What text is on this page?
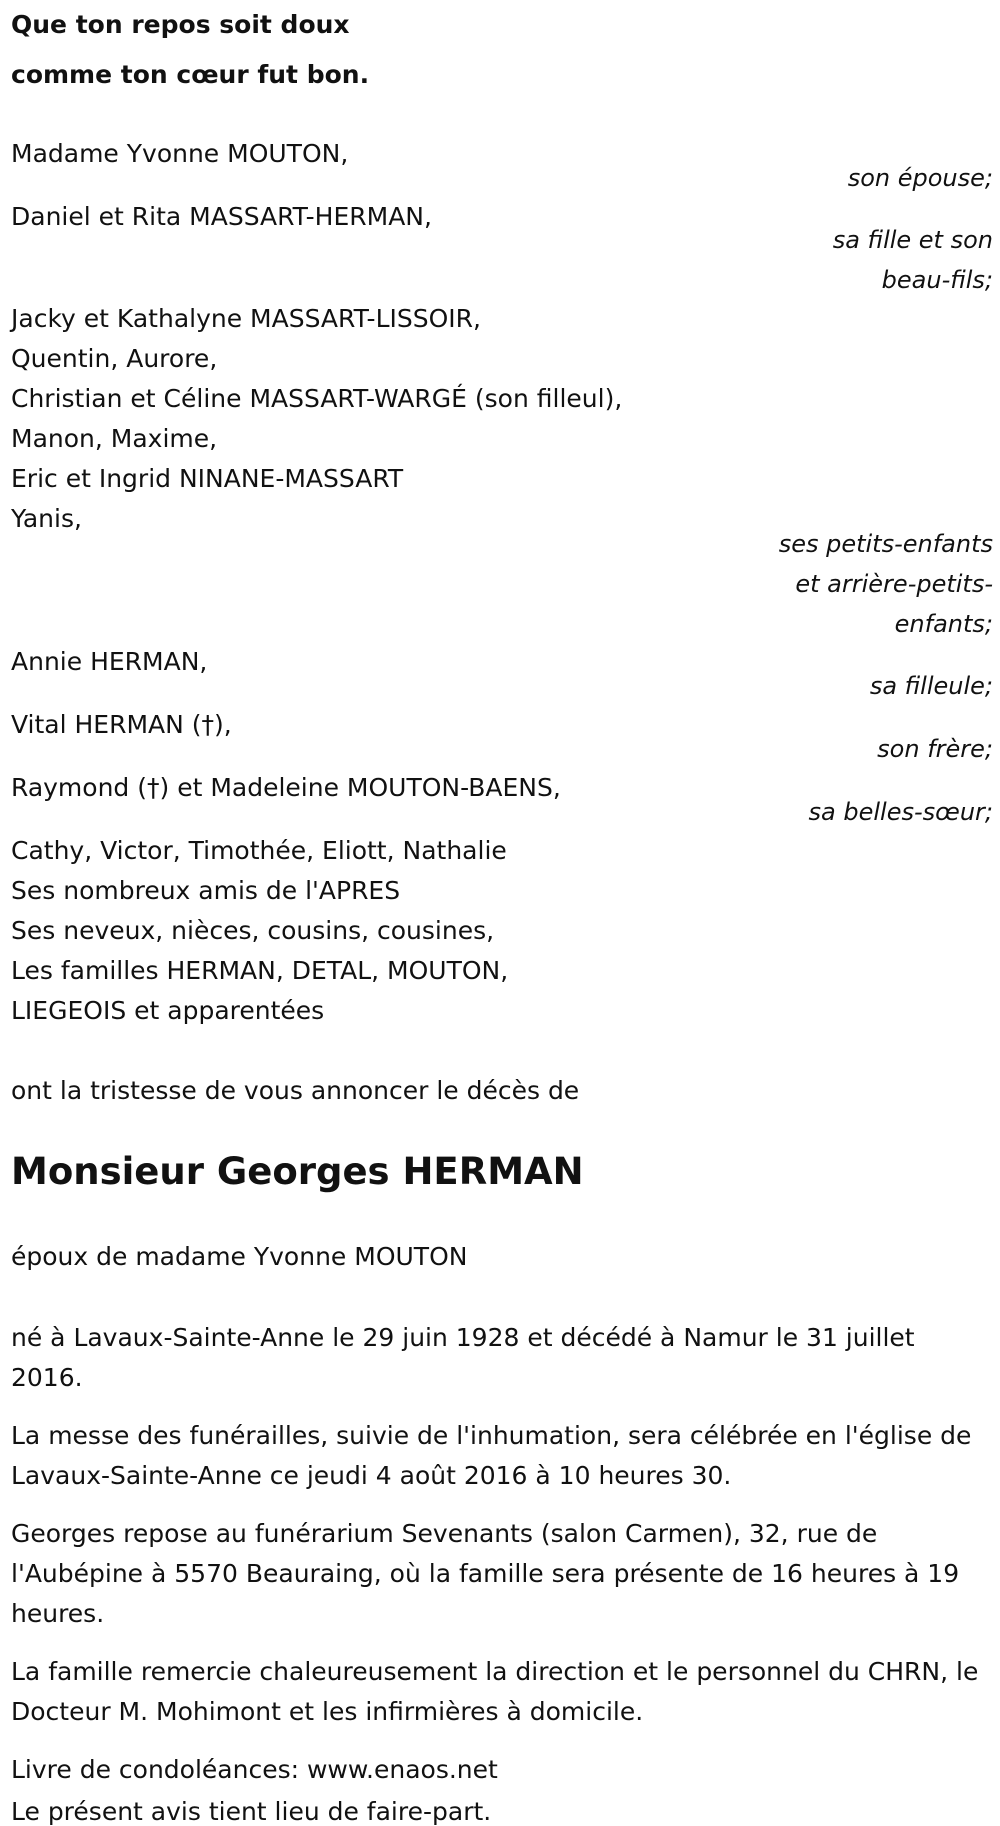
Que ton repos soit doux
comme ton cœur fut bon.
Madame Yvonne MOUTON,
son épouse;
Daniel et Rita MASSART-HERMAN,
sa fille et son
beau-fils;
Jacky et Kathalyne MASSART-LISSOIR,
Quentin, Aurore,
Christian et Céline MASSART-WARGÉ (son filleul),
Manon, Maxime,
Eric et Ingrid NINANE-MASSART
Yanis,
ses petits-enfants
et arrière-petits-
enfants;
Annie HERMAN,
sa filleule;
Vital HERMAN (†),
son frère;
Raymond (†) et Madeleine MOUTON-BAENS,
sa belles-sœur;
Cathy, Victor, Timothée, Eliott, Nathalie
Ses nombreux amis de l'APRES
Ses neveux, nièces, cousins, cousines,
Les familles HERMAN, DETAL, MOUTON,
LIEGEOIS et apparentées
ont la tristesse de vous annoncer le décès de
Monsieur Georges HERMAN
époux de madame Yvonne MOUTON
né à Lavaux-Sainte-Anne le 29 juin 1928 et décédé à Namur le 31 juillet 2016.
La messe des funérailles, suivie de l'inhumation, sera célébrée en l'église de Lavaux-Sainte-Anne ce jeudi 4 août 2016 à 10 heures 30.
Georges repose au funérarium Sevenants (salon Carmen), 32, rue de l'Aubépine à 5570 Beauraing, où la famille sera présente de 16 heures à 19 heures.
La famille remercie chaleureusement la direction et le personnel du CHRN, le Docteur M. Mohimont et les infirmières à domicile.
Livre de condoléances: www.enaos.net
Le présent avis tient lieu de faire-part.
